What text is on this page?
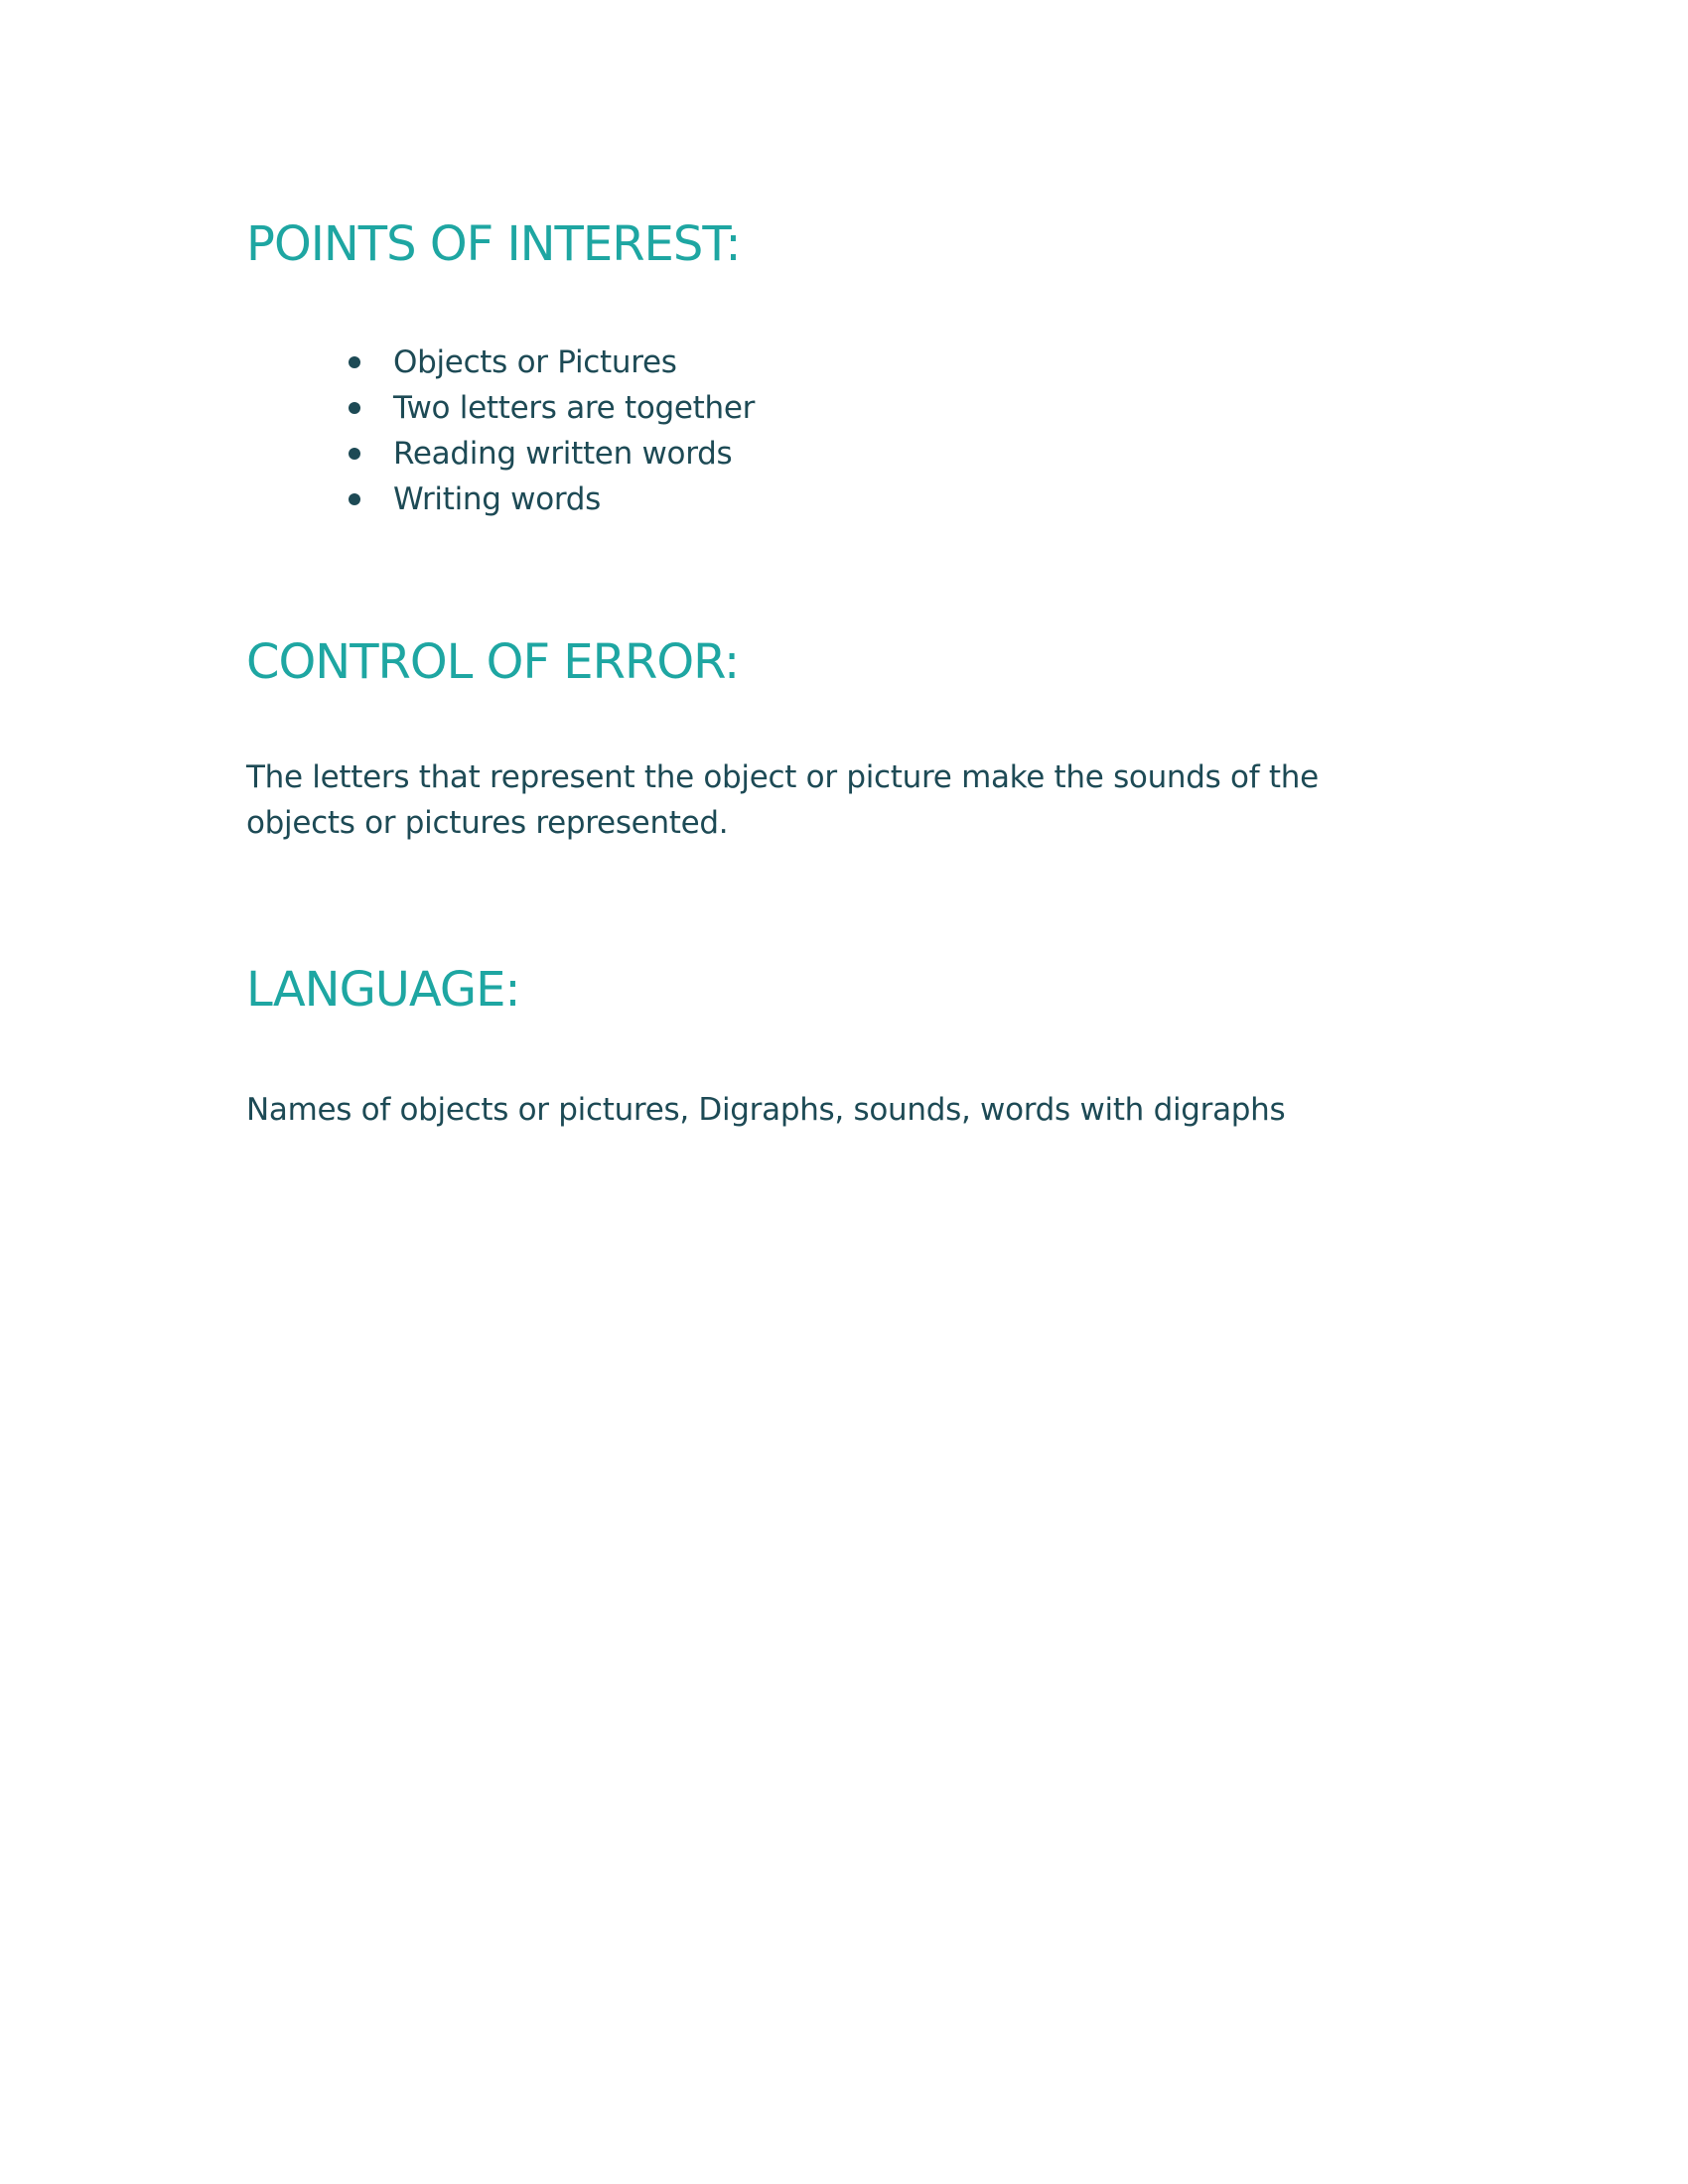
POINTS OF INTEREST:
Objects or Pictures
Two letters are together
Reading written words
Writing words
CONTROL OF ERROR:

The letters that represent the object or picture make the sounds of the
objects or pictures represented.

LANGUAGE:

Names of objects or pictures, Digraphs, sounds, words with digraphs
